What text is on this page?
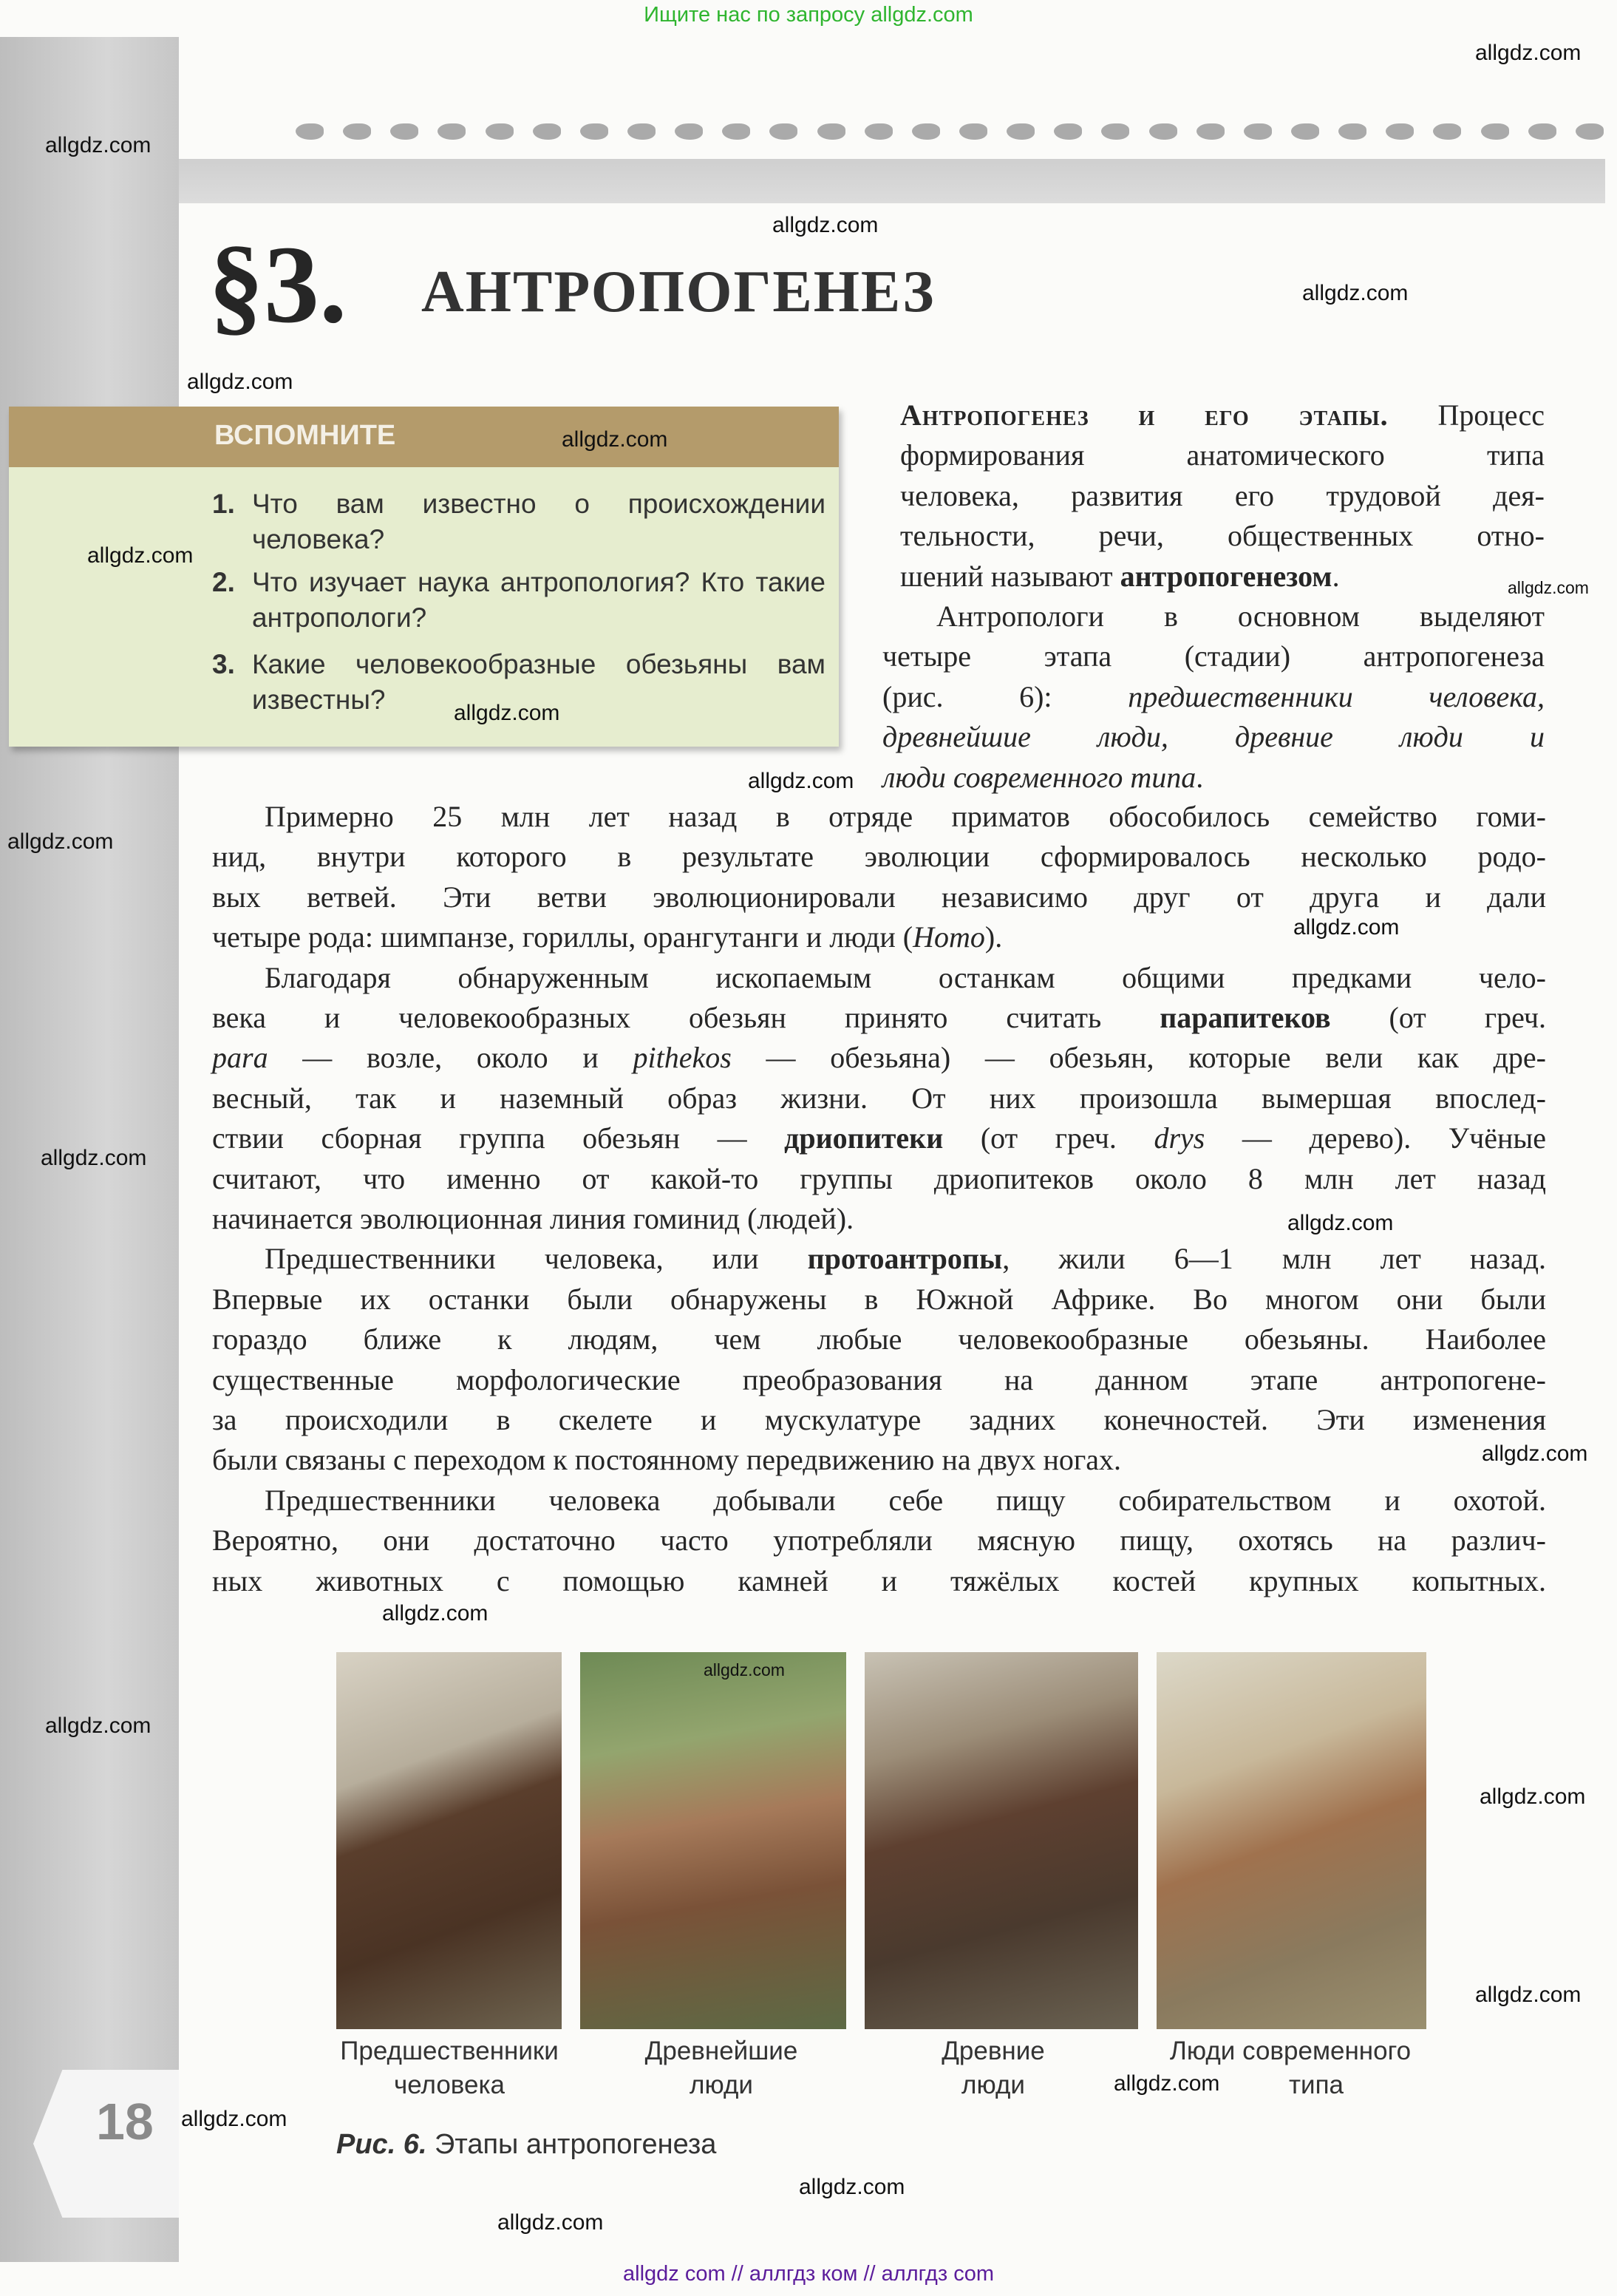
Ищите нас по запросу allgdz.com
18
§3. АНТРОПОГЕНЕЗ
ВСПОМНИТЕ
1. Что вам известно о происхождении человека?
2. Что изучает наука антропология? Кто такие антропологи?
3. Какие человекообразные обезьяны вам известны?
Антропогенез и его этапы. Процесс
формирования анатомического типа
человека, развития его трудовой дея-
тельности, речи, общественных отно-
шений называют антропогенезом.
Антропологи в основном выделяют
четыре этапа (стадии) антропогенеза
(рис. 6): предшественники человека,
древнейшие люди, древние люди и
люди современного типа.
Примерно 25 млн лет назад в отряде приматов обособилось семейство гоми-
нид, внутри которого в результате эволюции сформировалось несколько родо-
вых ветвей. Эти ветви эволюционировали независимо друг от друга и дали
четыре рода: шимпанзе, гориллы, орангутанги и люди (Homo).
Благодаря обнаруженным ископаемым останкам общими предками чело-
века и человекообразных обезьян принято считать парапитеков (от греч.
para — возле, около и pithekos — обезьяна) — обезьян, которые вели как дре-
весный, так и наземный образ жизни. От них произошла вымершая впослед-
ствии сборная группа обезьян — дриопитеки (от греч. drys — дерево). Учёные
считают, что именно от какой-то группы дриопитеков около 8 млн лет назад
начинается эволюционная линия гоминид (людей).
Предшественники человека, или протоантропы, жили 6—1 млн лет назад.
Впервые их останки были обнаружены в Южной Африке. Во многом они были
гораздо ближе к людям, чем любые человекообразные обезьяны. Наиболее
существенные морфологические преобразования на данном этапе антропогене-
за происходили в скелете и мускулатуре задних конечностей. Эти изменения
были связаны с переходом к постоянному передвижению на двух ногах.
Предшественники человека добывали себе пищу собирательством и охотой.
Вероятно, они достаточно часто употребляли мясную пищу, охотясь на различ-
ных животных с помощью камней и тяжёлых костей крупных копытных.
Предшественники
человека
Древнейшие
люди
Древние
люди
Люди современного
типа
Рис. 6. Этапы антропогенеза
allgdz com // аллгдз ком // аллгдз com
allgdz.com
allgdz.com
allgdz.com
allgdz.com
allgdz.com
allgdz.com
allgdz.com
allgdz.com
allgdz.com
allgdz.com
allgdz.com
allgdz.com
allgdz.com
allgdz.com
allgdz.com
allgdz.com
allgdz.com
allgdz.com
allgdz.com
allgdz.com
allgdz.com
allgdz.com
allgdz.com
allgdz.com
